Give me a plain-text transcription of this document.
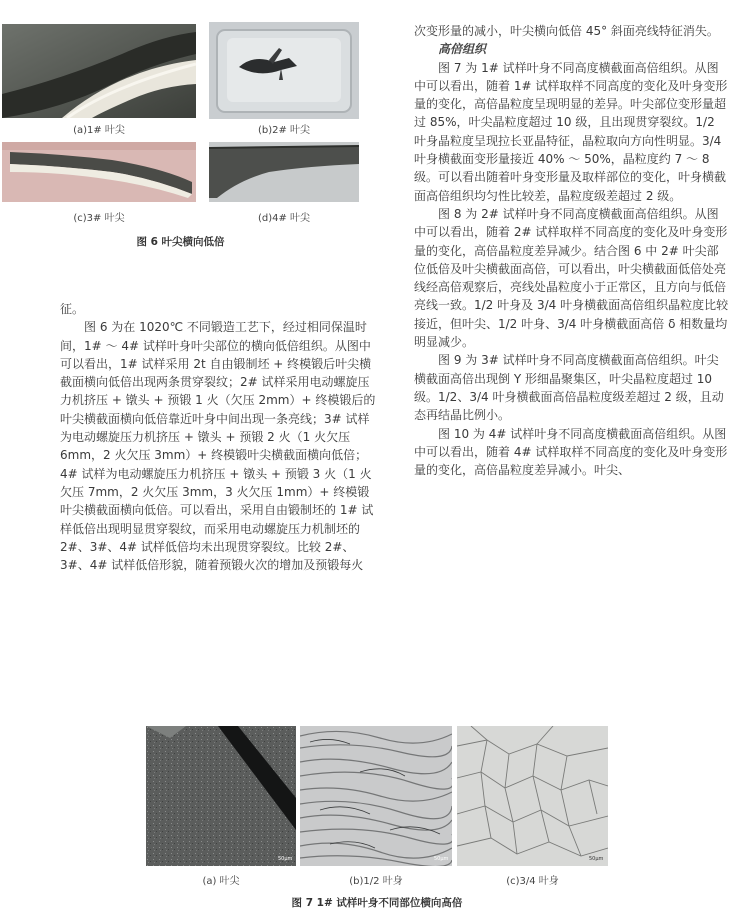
(a)1# 叶尖	(b)2# 叶尖
(c)3# 叶尖	(d)4# 叶尖
图 6 叶尖横向低倍

征。

图 6 为在 1020℃ 不同锻造工艺下，经过相同保温时间，1# ～ 4# 试样叶身叶尖部位的横向低倍组织。从图中可以看出，1# 试样采用 2t 自由锻制坯 + 终模锻后叶尖横截面横向低倍出现两条贯穿裂纹；2# 试样采用电动螺旋压力机挤压 + 镦头 + 预锻 1 火（欠压 2mm）+ 终模锻后的叶尖横截面横向低倍靠近叶身中间出现一条亮线；3# 试样为电动螺旋压力机挤压 + 镦头 + 预锻 2 火（1 火欠压 6mm，2 火欠压 3mm）+ 终模锻叶尖横截面横向低倍；4# 试样为电动螺旋压力机挤压 + 镦头 + 预锻 3 火（1 火欠压 7mm，2 火欠压 3mm，3 火欠压 1mm）+ 终模锻叶尖横截面横向低倍。可以看出，采用自由锻制坯的 1# 试样低倍出现明显贯穿裂纹，而采用电动螺旋压力机制坯的 2#、3#、4# 试样低倍均未出现贯穿裂纹。比较 2#、3#、4# 试样低倍形貌，随着预锻火次的增加及预锻每火

次变形量的减小，叶尖横向低倍 45° 斜面亮线特征消失。

高倍组织

图 7 为 1# 试样叶身不同高度横截面高倍组织。从图中可以看出，随着 1# 试样取样不同高度的变化及叶身变形量的变化，高倍晶粒度呈现明显的差异。叶尖部位变形量超过 85%，叶尖晶粒度超过 10 级，且出现贯穿裂纹。1/2 叶身晶粒度呈现拉长亚晶特征，晶粒取向方向性明显。3/4 叶身横截面变形量接近 40% ～ 50%，晶粒度约 7 ～ 8 级。可以看出随着叶身变形量及取样部位的变化，叶身横截面高倍组织均匀性比较差，晶粒度级差超过 2 级。

图 8 为 2# 试样叶身不同高度横截面高倍组织。从图中可以看出，随着 2# 试样取样不同高度的变化及叶身变形量的变化，高倍晶粒度差异减少。结合图 6 中 2# 叶尖部位低倍及叶尖横截面高倍，可以看出，叶尖横截面低倍处亮线经高倍观察后，亮线处晶粒度小于正常区，且方向与低倍亮线一致。1/2 叶身及 3/4 叶身横截面高倍组织晶粒度比较接近，但叶尖、1/2 叶身、3/4 叶身横截面高倍 δ 相数量均明显减少。

图 9 为 3# 试样叶身不同高度横截面高倍组织。叶尖横截面高倍出现倒 Y 形细晶聚集区，叶尖晶粒度超过 10 级。1/2、3/4 叶身横截面高倍晶粒度级差超过 2 级，且动态再结晶比例小。

图 10 为 4# 试样叶身不同高度横截面高倍组织。从图中可以看出，随着 4# 试样取样不同高度的变化及叶身变形量的变化，高倍晶粒度差异减小。叶尖、

50μm	50μm	50μm
(a) 叶尖	(b)1/2 叶身	(c)3/4 叶身
图 7 1# 试样叶身不同部位横向高倍
